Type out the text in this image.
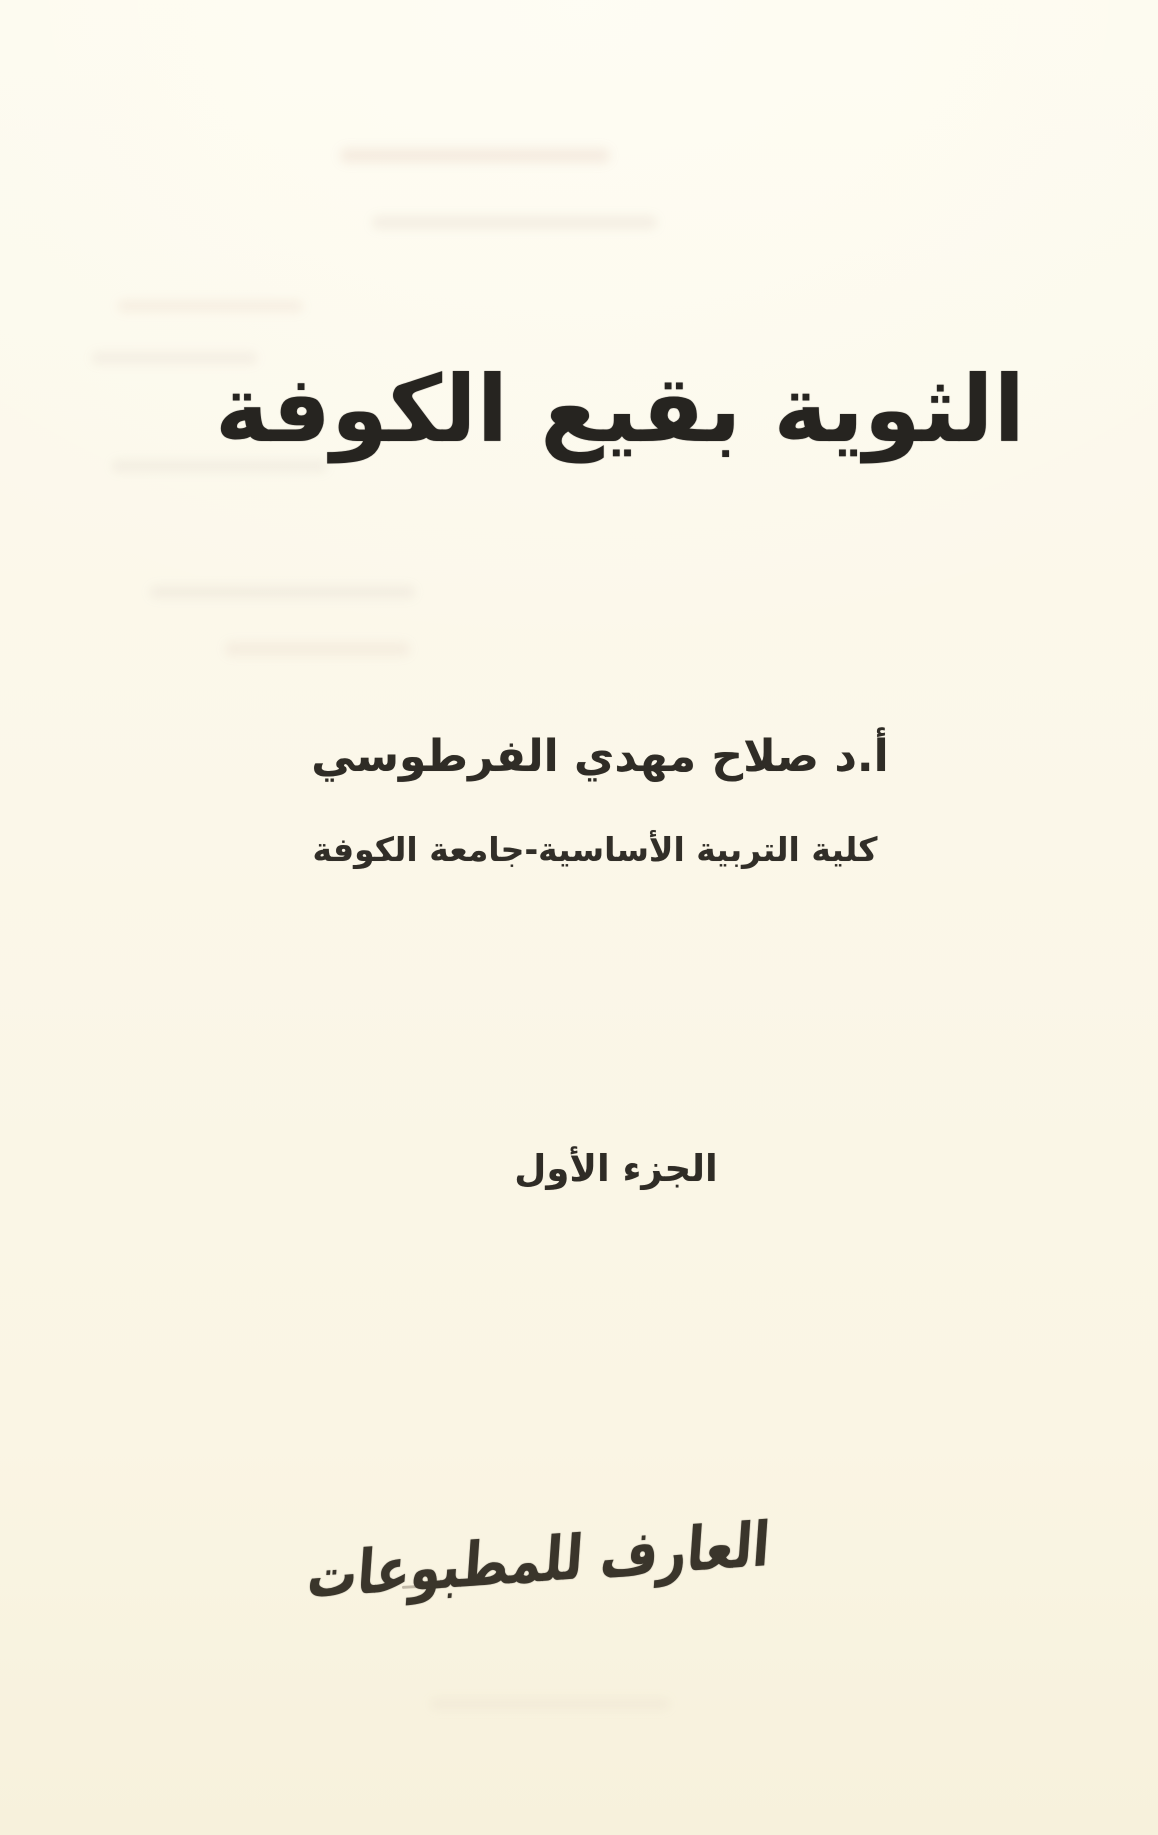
الثوية بقيع الكوفة
أ.د صلاح مهدي الفرطوسي
كلية التربية الأساسية-جامعة الكوفة
الجزء الأول
العارف للمطبوعات
